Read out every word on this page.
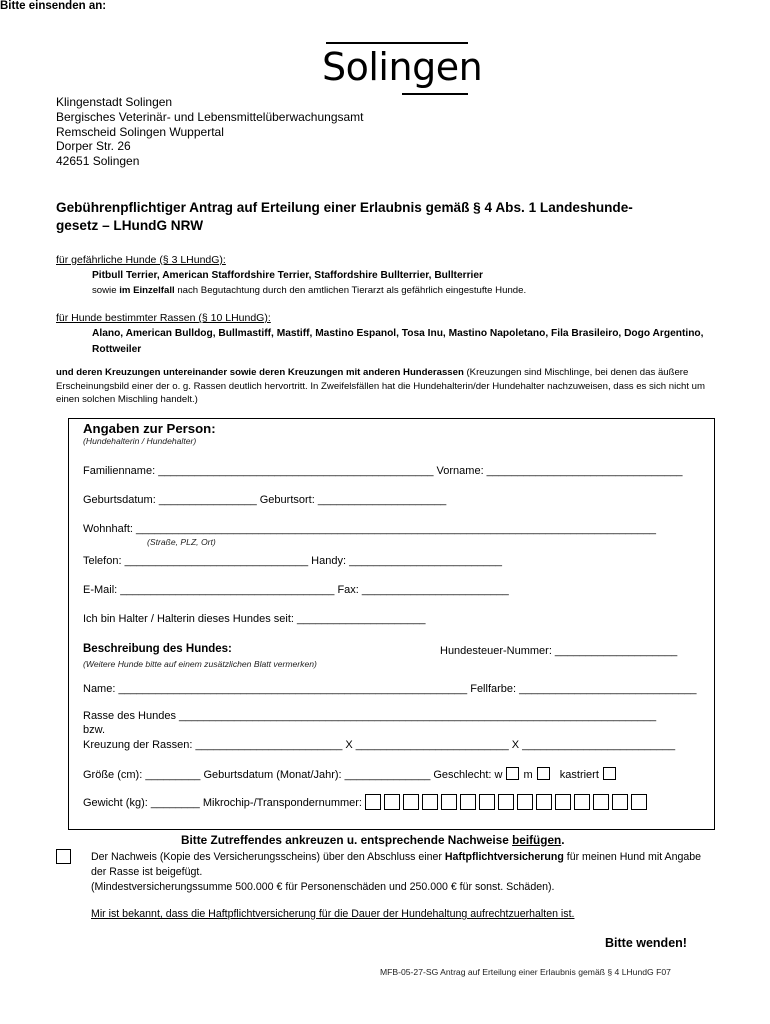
Bitte einsenden an:
Solingen
Klingenstadt Solingen
Bergisches Veterinär- und Lebensmittelüberwachungsamt
Remscheid Solingen Wuppertal
Dorper Str. 26
42651 Solingen
Gebührenpflichtiger Antrag auf Erteilung einer Erlaubnis gemäß § 4 Abs. 1 Landeshunde-gesetz – LHundG NRW
für gefährliche Hunde (§ 3 LHundG):
Pitbull Terrier, American Staffordshire Terrier, Staffordshire Bullterrier, Bullterrier
sowie im Einzelfall nach Begutachtung durch den amtlichen Tierarzt als gefährlich eingestufte Hunde.
für Hunde bestimmter Rassen (§ 10 LHundG):
Alano, American Bulldog, Bullmastiff, Mastiff, Mastino Espanol, Tosa Inu, Mastino Napoletano, Fila Brasileiro, Dogo Argentino, Rottweiler
und deren Kreuzungen untereinander sowie deren Kreuzungen mit anderen Hunderassen (Kreuzungen sind Mischlinge, bei denen das äußere Erscheinungsbild einer der o. g. Rassen deutlich hervortritt. In Zweifelsfällen hat die Hundehalterin/der Hundehalter nachzuweisen, dass es sich nicht um einen solchen Mischling handelt.)
Angaben zur Person:
(Hundehalterin / Hundehalter)
Familienname: _____________________________________________ Vorname: ________________________________
Geburtsdatum: ________________ Geburtsort: _____________________
Wohnhaft: _____________________________________________________________________________________
(Straße, PLZ, Ort)
Telefon: ______________________________ Handy: _________________________
E-Mail: ___________________________________ Fax: ________________________
Ich bin Halter / Halterin dieses Hundes seit: _____________________
Beschreibung des Hundes:	Hundesteuer-Nummer: ____________________
(Weitere Hunde bitte auf einem zusätzlichen Blatt vermerken)
Name: _________________________________________________________ Fellfarbe: _____________________________
Rasse des Hundes ______________________________________________________________________________
bzw.
Kreuzung der Rassen: ________________________ X _________________________ X _________________________
Größe (cm): _________ Geburtsdatum (Monat/Jahr): ______________ Geschlecht: w m kastriert
Gewicht (kg): ________ Mikrochip-/Transpondernummer:
Bitte Zutreffendes ankreuzen u. entsprechende Nachweise beifügen.
Der Nachweis (Kopie des Versicherungsscheins) über den Abschluss einer Haftpflichtversicherung für meinen Hund mit Angabe der Rasse ist beigefügt.
(Mindestversicherungssumme 500.000 € für Personenschäden und 250.000 € für sonst. Schäden).
Mir ist bekannt, dass die Haftpflichtversicherung für die Dauer der Hundehaltung aufrechtzuerhalten ist.
Bitte wenden!
MFB-05-27-SG Antrag auf Erteilung einer Erlaubnis gemäß § 4 LHundG F07
